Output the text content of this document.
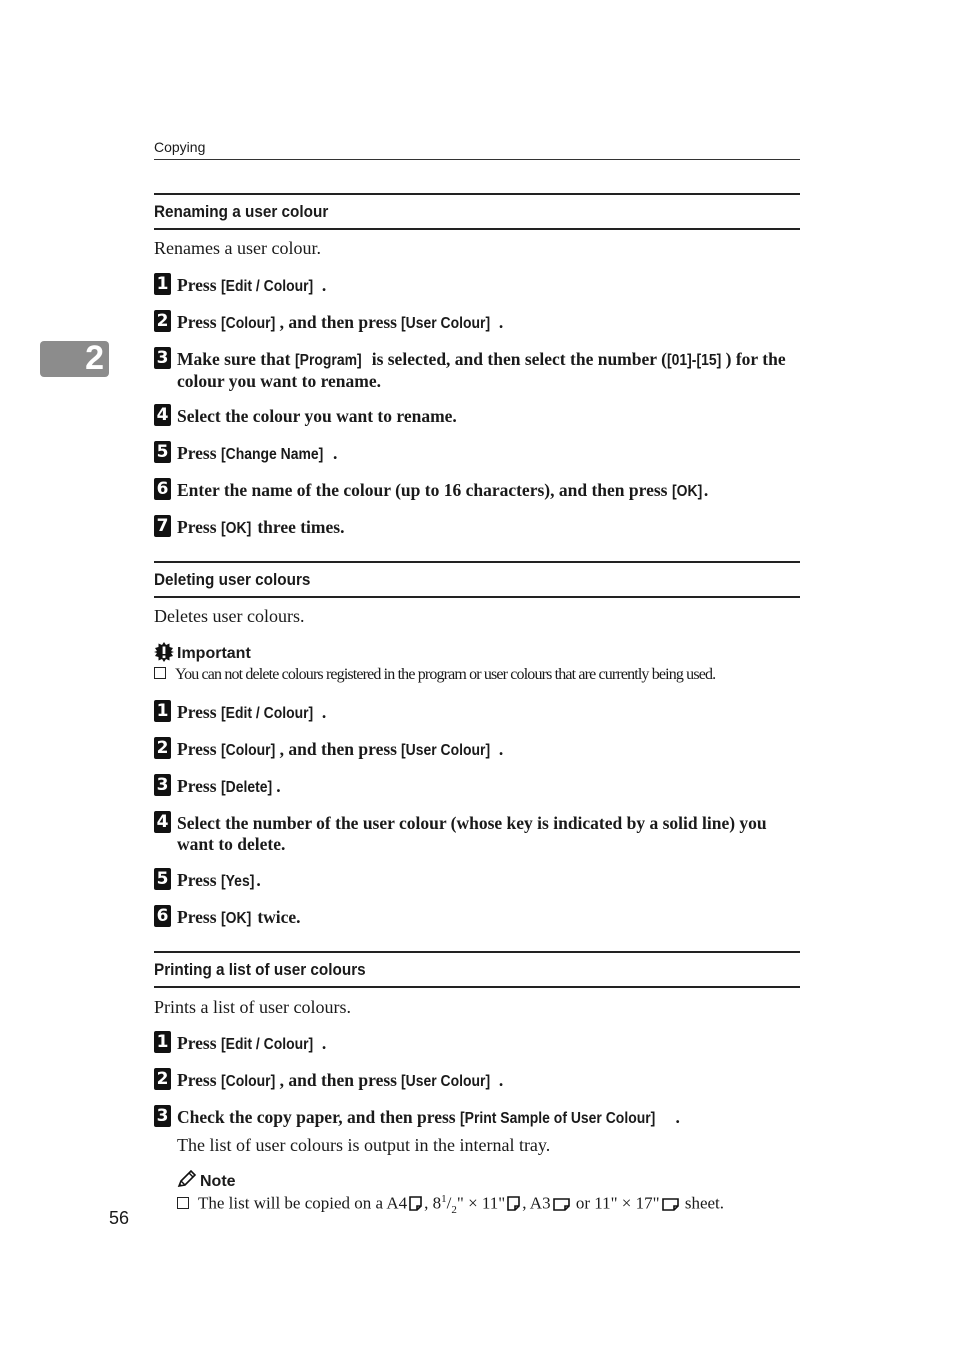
Copying
2
Renaming a user colour
Renames a user colour.
1 Press [Edit / Colour] .
2 Press [Colour] , and then press [User Colour] .
3 Make sure that [Program] is selected, and then select the number ([01]-[15] ) for the colour you want to rename.
4 Select the colour you want to rename.
5 Press [Change Name] .
6 Enter the name of the colour (up to 16 characters), and then press [OK] .
7 Press [OK] three times.
Deleting user colours
Deletes user colours.
Important
You can not delete colours registered in the program or user colours that are currently being used.
1 Press [Edit / Colour] .
2 Press [Colour] , and then press [User Colour] .
3 Press [Delete] .
4 Select the number of the user colour (whose key is indicated by a solid line) you want to delete.
5 Press [Yes] .
6 Press [OK] twice.
Printing a list of user colours
Prints a list of user colours.
1 Press [Edit / Colour] .
2 Press [Colour] , and then press [User Colour] .
3 Check the copy paper, and then press [Print Sample of User Colour] .
The list of user colours is output in the internal tray.
Note
The list will be copied on a A4 , $8^1/_2$" × 11" , A3 or 11" × 17" sheet.
56
